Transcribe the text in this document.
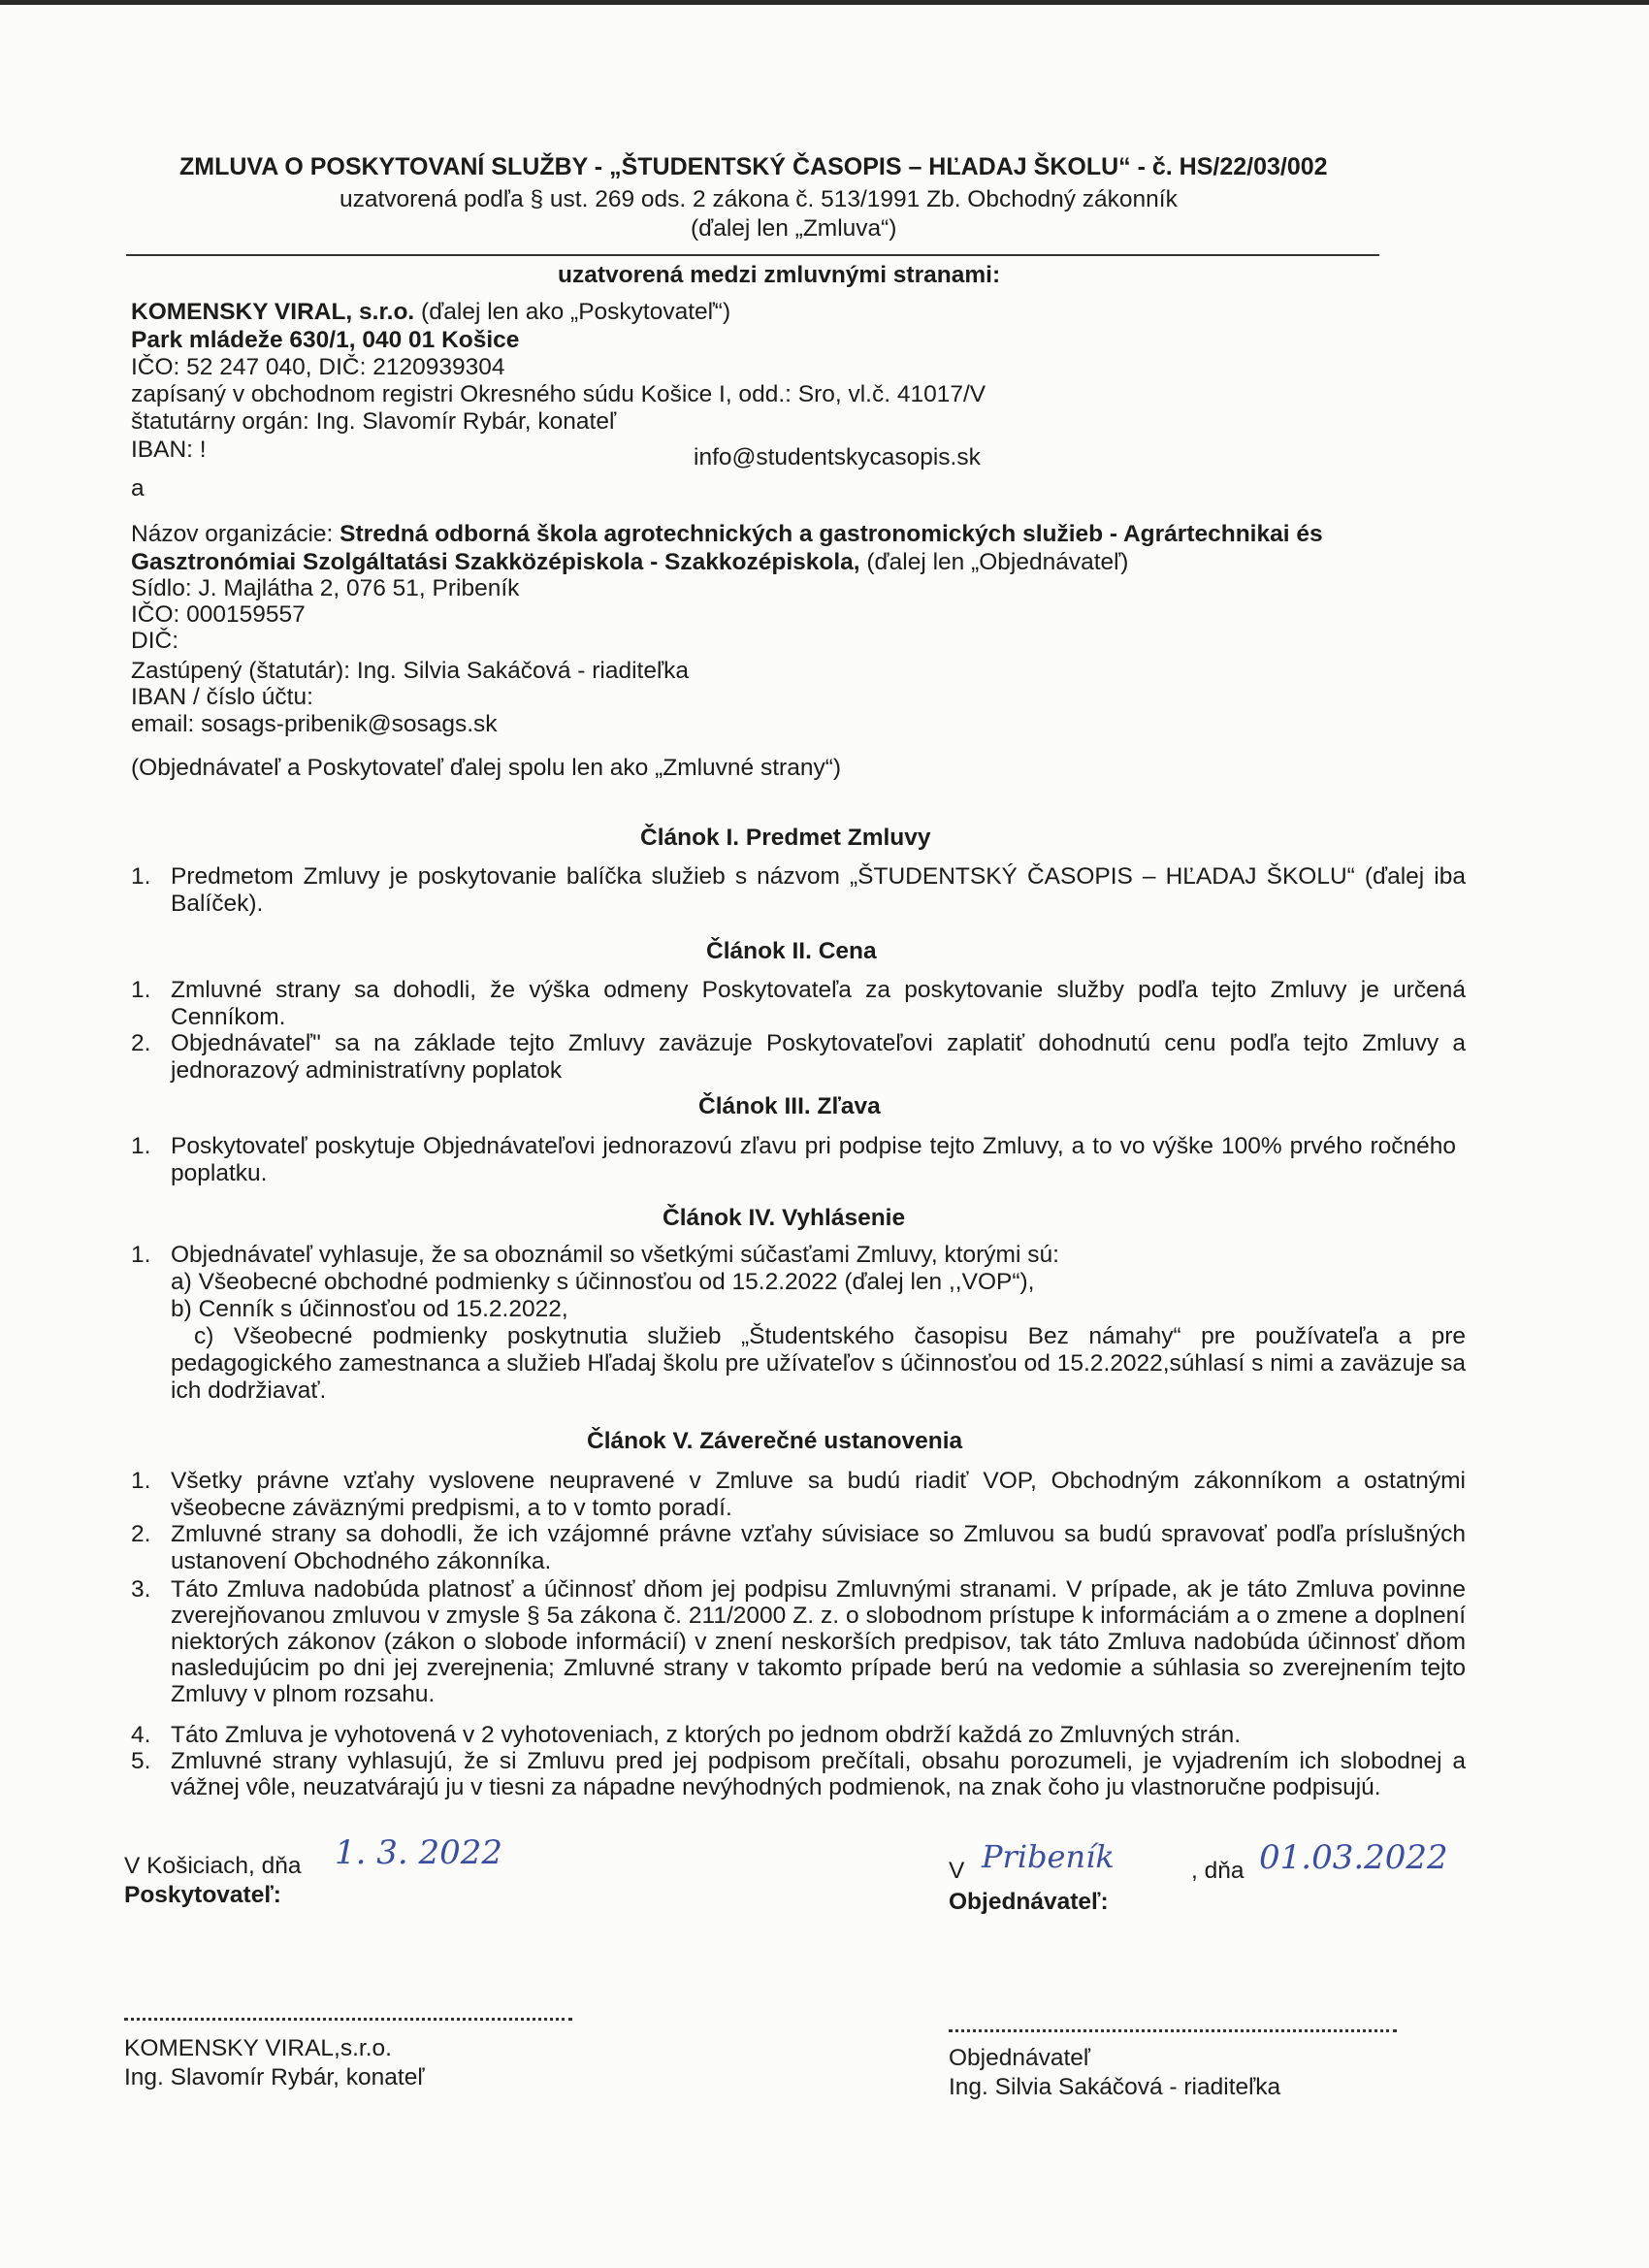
ZMLUVA O POSKYTOVANÍ SLUŽBY - „ŠTUDENTSKÝ ČASOPIS – HĽADAJ ŠKOLU“ - č. HS/22/03/002
uzatvorená podľa § ust. 269 ods. 2 zákona č. 513/1991 Zb. Obchodný zákonník
(ďalej len „Zmluva“)
uzatvorená medzi zmluvnými stranami:
KOMENSKY VIRAL, s.r.o. (ďalej len ako „Poskytovateľ“)
Park mládeže 630/1, 040 01 Košice
IČO: 52 247 040, DIČ: 2120939304
zapísaný v obchodnom registri Okresného súdu Košice I, odd.: Sro, vl.č. 41017/V
štatutárny orgán: Ing. Slavomír Rybár, konateľ
IBAN: !	info@studentskycasopis.sk
a
Názov organizácie: Stredná odborná škola agrotechnických a gastronomických služieb - Agrártechnikai és
Gasztronómiai Szolgáltatási Szakközépiskola - Szakkozépiskola, (ďalej len „Objednávateľ)
Sídlo: J. Majlátha 2, 076 51, Pribeník
IČO: 000159557
DIČ:
Zastúpený (štatutár): Ing. Silvia Sakáčová - riaditeľka
IBAN / číslo účtu:
email: sosags-pribenik@sosags.sk
(Objednávateľ a Poskytovateľ ďalej spolu len ako „Zmluvné strany“)
Článok I. Predmet Zmluvy
1. Predmetom Zmluvy je poskytovanie balíčka služieb s názvom „ŠTUDENTSKÝ ČASOPIS – HĽADAJ ŠKOLU“ (ďalej iba Balíček).
Článok II. Cena
1. Zmluvné strany sa dohodli, že výška odmeny Poskytovateľa za poskytovanie služby podľa tejto Zmluvy je určená Cenníkom.
2. Objednávateľ" sa na základe tejto Zmluvy zaväzuje Poskytovateľovi zaplatiť dohodnutú cenu podľa tejto Zmluvy a jednorazový administratívny poplatok
Článok III. Zľava
1. Poskytovateľ poskytuje Objednávateľovi jednorazovú zľavu pri podpise tejto Zmluvy, a to vo výške 100% prvého ročného poplatku.
Článok IV. Vyhlásenie
1. Objednávateľ vyhlasuje, že sa oboznámil so všetkými súčasťami Zmluvy, ktorými sú:
a) Všeobecné obchodné podmienky s účinnosťou od 15.2.2022 (ďalej len ,,VOP“),
b) Cenník s účinnosťou od 15.2.2022,
c) Všeobecné podmienky poskytnutia služieb „Študentského časopisu Bez námahy“ pre používateľa a pre pedagogického zamestnanca a služieb Hľadaj školu pre užívateľov s účinnosťou od 15.2.2022,súhlasí s nimi a zaväzuje sa ich dodržiavať.
Článok V. Záverečné ustanovenia
1. Všetky právne vzťahy vyslovene neupravené v Zmluve sa budú riadiť VOP, Obchodným zákonníkom a ostatnými všeobecne záväznými predpismi, a to v tomto poradí.
2. Zmluvné strany sa dohodli, že ich vzájomné právne vzťahy súvisiace so Zmluvou sa budú spravovať podľa príslušných ustanovení Obchodného zákonníka.
3. Táto Zmluva nadobúda platnosť a účinnosť dňom jej podpisu Zmluvnými stranami. V prípade, ak je táto Zmluva povinne zverejňovanou zmluvou v zmysle § 5a zákona č. 211/2000 Z. z. o slobodnom prístupe k informáciám a o zmene a doplnení niektorých zákonov (zákon o slobode informácií) v znení neskorších predpisov, tak táto Zmluva nadobúda účinnosť dňom nasledujúcim po dni jej zverejnenia; Zmluvné strany v takomto prípade berú na vedomie a súhlasia so zverejnením tejto Zmluvy v plnom rozsahu.
4. Táto Zmluva je vyhotovená v 2 vyhotoveniach, z ktorých po jednom obdrží každá zo Zmluvných strán.
5. Zmluvné strany vyhlasujú, že si Zmluvu pred jej podpisom prečítali, obsahu porozumeli, je vyjadrením ich slobodnej a vážnej vôle, neuzatvárajú ju v tiesni za nápadne nevýhodných podmienok, na znak čoho ju vlastnoručne podpisujú.
V Košiciach, dňa 1. 3. 2022
Poskytovateľ:
V Pribeník	, dňa 01.03.2022
Objednávateľ:
KOMENSKY VIRAL,s.r.o.
Ing. Slavomír Rybár, konateľ
Objednávateľ
Ing. Silvia Sakáčová - riaditeľka
